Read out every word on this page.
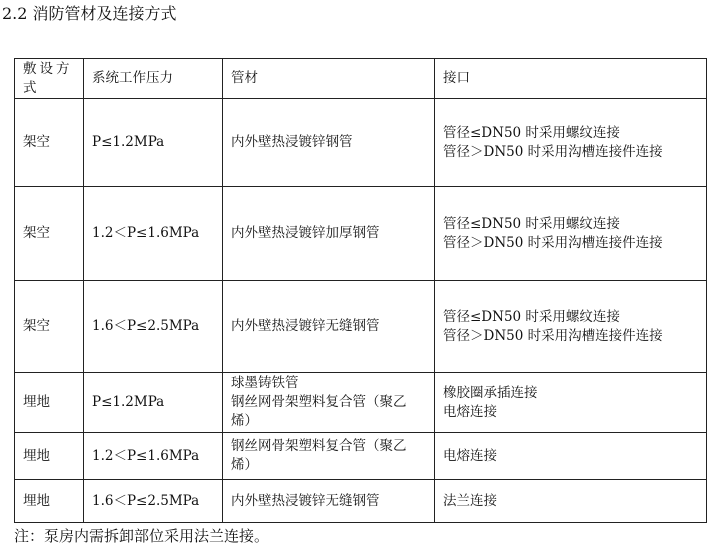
2.2 消防管材及连接方式
敷设方式	系统工作压力	管材	接口
架空	P≤1.2MPa	内外壁热浸镀锌钢管	管径≤DN50 时采用螺纹连接
管径＞DN50 时采用沟槽连接件连接

架空	1.2＜P≤1.6MPa	内外壁热浸镀锌加厚钢管	管径≤DN50 时采用螺纹连接
管径＞DN50 时采用沟槽连接件连接

架空	1.6＜P≤2.5MPa	内外壁热浸镀锌无缝钢管	管径≤DN50 时采用螺纹连接
管径＞DN50 时采用沟槽连接件连接

埋地	P≤1.2MPa	球墨铸铁管
钢丝网骨架塑料复合管（聚乙
烯）	橡胶圈承插连接
电熔连接

埋地	1.2＜P≤1.6MPa	钢丝网骨架塑料复合管（聚乙
烯）	电熔连接

埋地	1.6＜P≤2.5MPa	内外壁热浸镀锌无缝钢管	法兰连接
注：泵房内需拆卸部位采用法兰连接。
